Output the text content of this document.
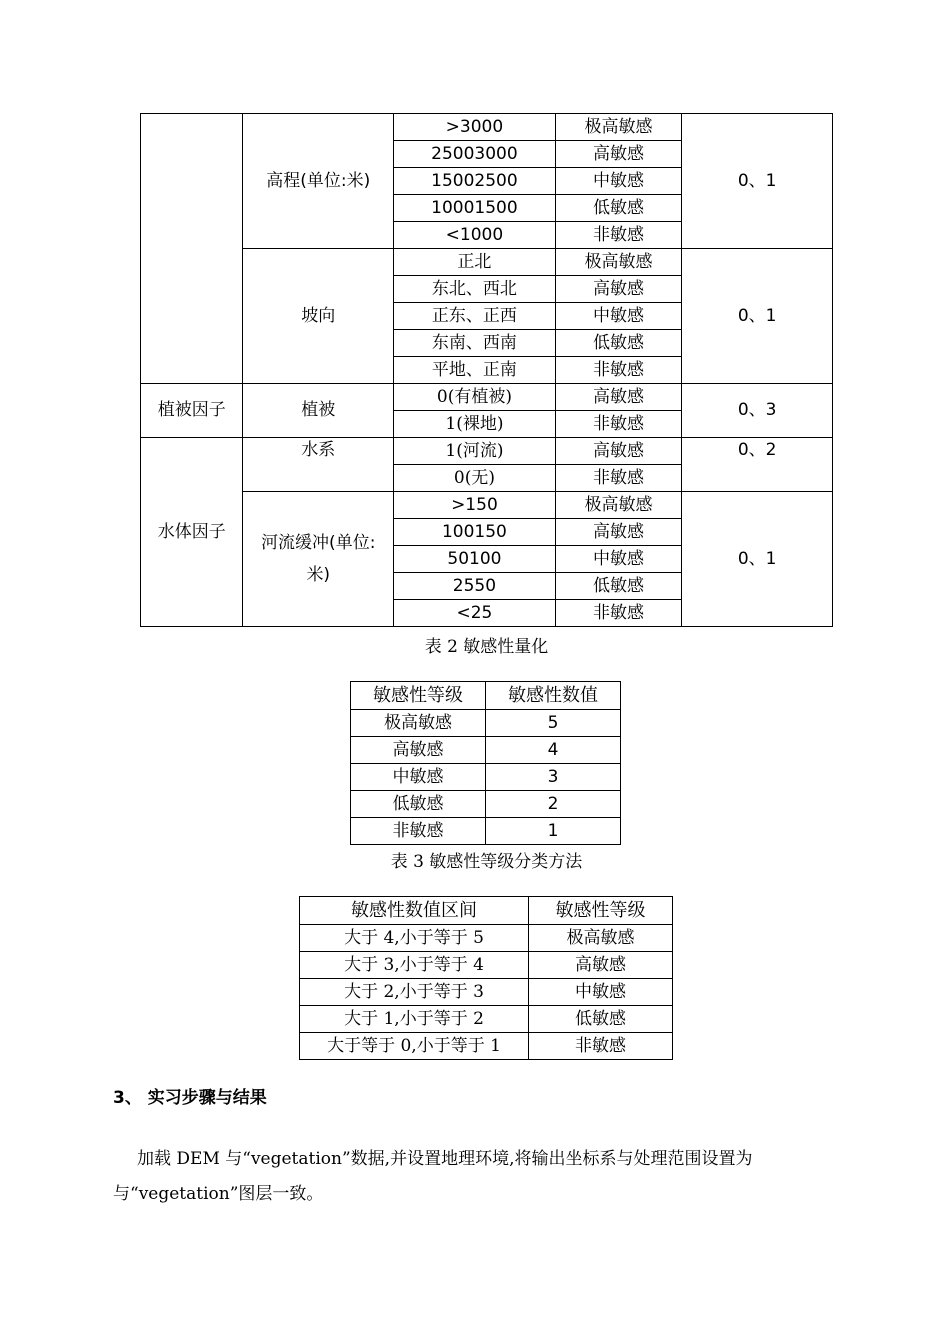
	高程(单位:米)	>3000	极高敏感	0、1
		25003000	高敏感	
		15002500	中敏感	
		10001500	低敏感	
		<1000	非敏感	
	坡向	正北	极高敏感	0、1
		东北、西北	高敏感	
		正东、正西	中敏感	
		东南、西南	低敏感	
		平地、正南	非敏感	
植被因子	植被	0(有植被)	高敏感	0、3
		1(裸地)	非敏感	
水体因子	水系	1(河流)	高敏感	0、2
		0(无)	非敏感	
	河流缓冲(单位:米)	>150	极高敏感	0、1
		100150	高敏感	
		50100	中敏感	
		2550	低敏感	
		<25	非敏感	
表 2 敏感性量化
敏感性等级	敏感性数值
极高敏感	5
高敏感	4
中敏感	3
低敏感	2
非敏感	1
表 3 敏感性等级分类方法
敏感性数值区间	敏感性等级
大于 4,小于等于 5	极高敏感
大于 3,小于等于 4	高敏感
大于 2,小于等于 3	中敏感
大于 1,小于等于 2	低敏感
大于等于 0,小于等于 1	非敏感
3、 实习步骤与结果
加载 DEM 与“vegetation”数据,并设置地理环境,将输出坐标系与处理范围设置为与“vegetation”图层一致。
